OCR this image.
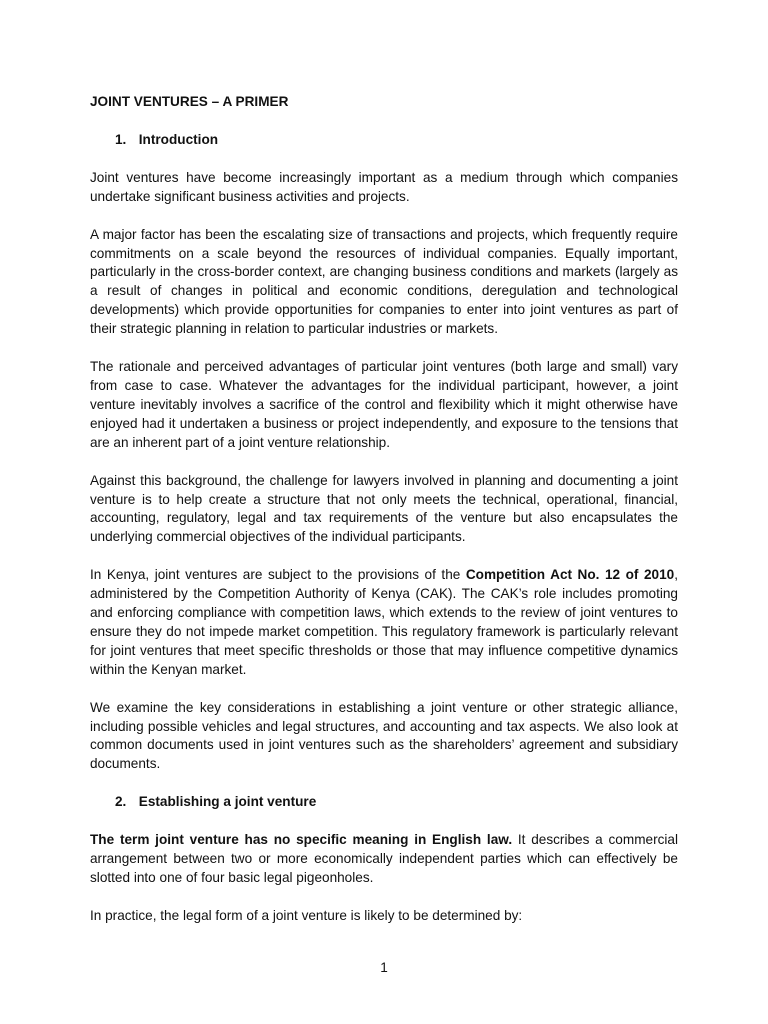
JOINT VENTURES – A PRIMER

1. Introduction

Joint ventures have become increasingly important as a medium through which companies undertake significant business activities and projects.

A major factor has been the escalating size of transactions and projects, which frequently require commitments on a scale beyond the resources of individual companies. Equally important, particularly in the cross-border context, are changing business conditions and markets (largely as a result of changes in political and economic conditions, deregulation and technological developments) which provide opportunities for companies to enter into joint ventures as part of their strategic planning in relation to particular industries or markets.

The rationale and perceived advantages of particular joint ventures (both large and small) vary from case to case. Whatever the advantages for the individual participant, however, a joint venture inevitably involves a sacrifice of the control and flexibility which it might otherwise have enjoyed had it undertaken a business or project independently, and exposure to the tensions that are an inherent part of a joint venture relationship.

Against this background, the challenge for lawyers involved in planning and documenting a joint venture is to help create a structure that not only meets the technical, operational, financial, accounting, regulatory, legal and tax requirements of the venture but also encapsulates the underlying commercial objectives of the individual participants.

In Kenya, joint ventures are subject to the provisions of the Competition Act No. 12 of 2010, administered by the Competition Authority of Kenya (CAK). The CAK’s role includes promoting and enforcing compliance with competition laws, which extends to the review of joint ventures to ensure they do not impede market competition. This regulatory framework is particularly relevant for joint ventures that meet specific thresholds or those that may influence competitive dynamics within the Kenyan market.

We examine the key considerations in establishing a joint venture or other strategic alliance, including possible vehicles and legal structures, and accounting and tax aspects. We also look at common documents used in joint ventures such as the shareholders’ agreement and subsidiary documents.

2. Establishing a joint venture

The term joint venture has no specific meaning in English law. It describes a commercial arrangement between two or more economically independent parties which can effectively be slotted into one of four basic legal pigeonholes.

In practice, the legal form of a joint venture is likely to be determined by:

1
